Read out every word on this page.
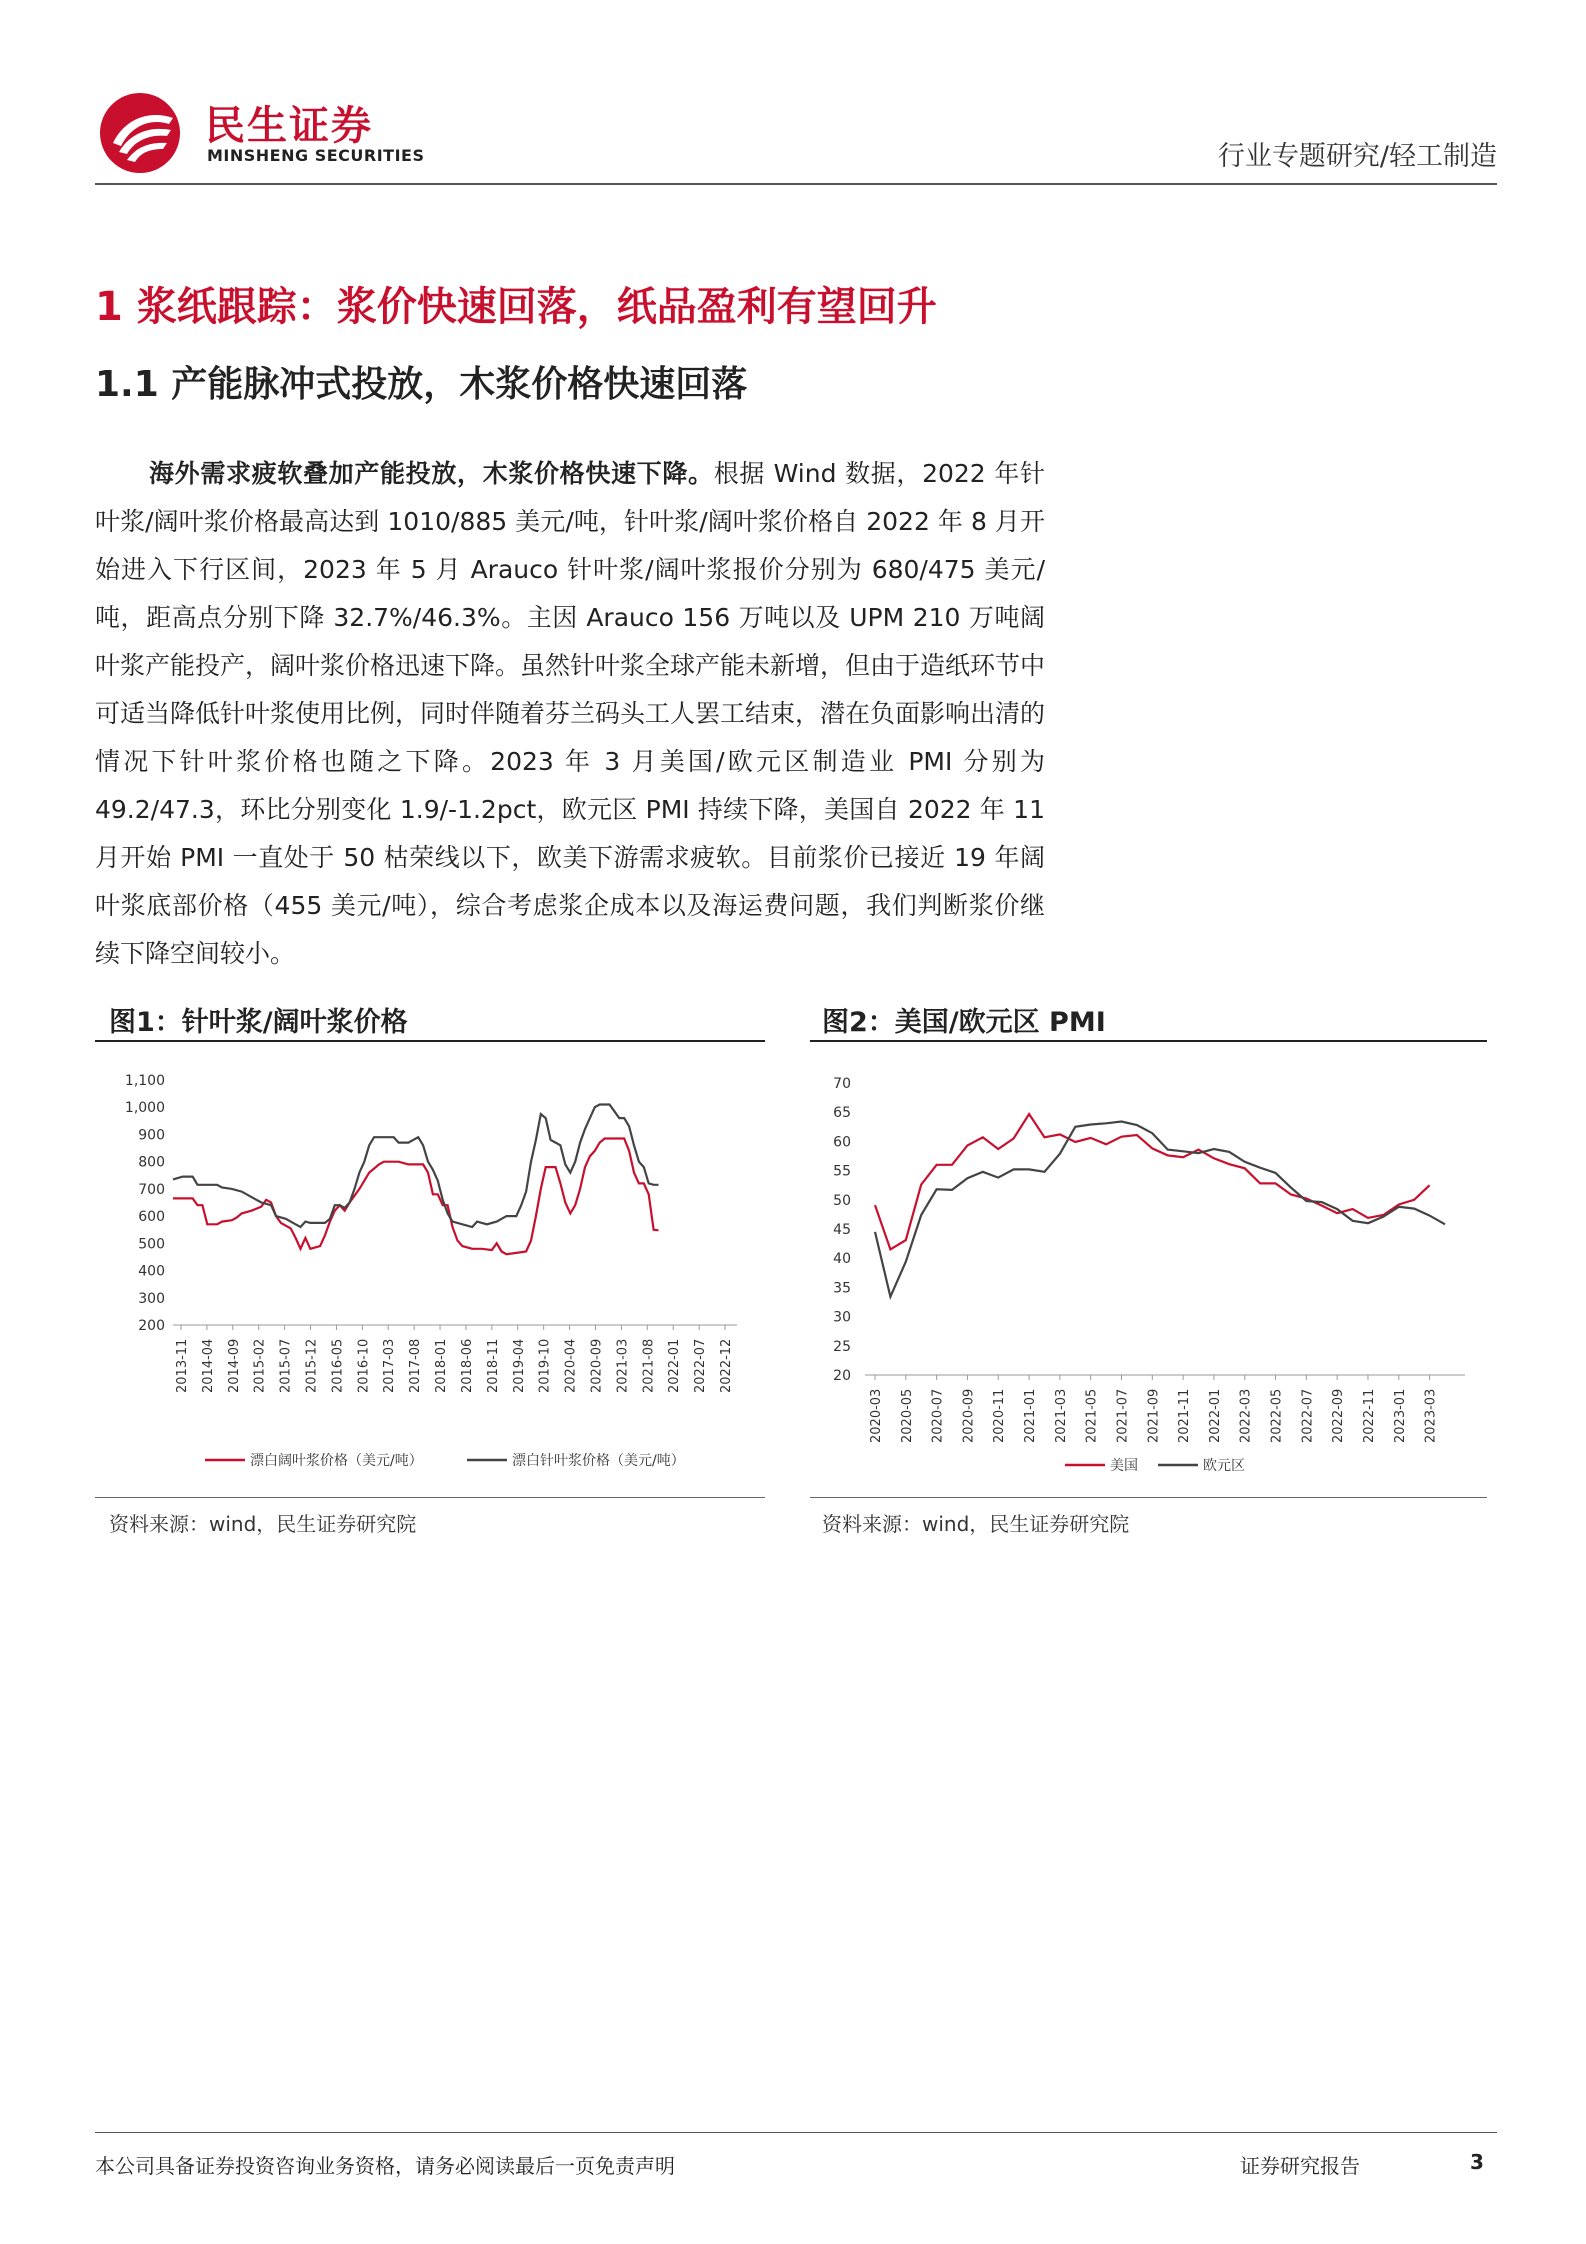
民生证券
MINSHENG SECURITIES	行业专题研究/轻工制造
1 浆纸跟踪：浆价快速回落，纸品盈利有望回升
1.1 产能脉冲式投放，木浆价格快速回落

海外需求疲软叠加产能投放，木浆价格快速下降。根据 Wind 数据，2022 年针叶浆/阔叶浆价格最高达到 1010/885 美元/吨，针叶浆/阔叶浆价格自 2022 年 8 月开始进入下行区间，2023 年 5 月 Arauco 针叶浆/阔叶浆报价分别为 680/475 美元/吨，距高点分别下降 32.7%/46.3%。主因 Arauco 156 万吨以及 UPM 210 万吨阔叶浆产能投产，阔叶浆价格迅速下降。虽然针叶浆全球产能未新增，但由于造纸环节中可适当降低针叶浆使用比例，同时伴随着芬兰码头工人罢工结束，潜在负面影响出清的情况下针叶浆价格也随之下降。2023 年 3 月美国/欧元区制造业 PMI 分别为 49.2/47.3，环比分别变化 1.9/-1.2pct，欧元区 PMI 持续下降，美国自 2022 年 11 月开始 PMI 一直处于 50 枯荣线以下，欧美下游需求疲软。目前浆价已接近 19 年阔叶浆底部价格（455 美元/吨），综合考虑浆企成本以及海运费问题，我们判断浆价继续下降空间较小。

图1：针叶浆/阔叶浆价格
200
300
400
500
600
700
800
900
1,000
1,100
2013-11 2014-04 2014-09 2015-02 2015-07 2015-12 2016-05 2016-10 2017-03 2017-08 2018-01 2018-06 2018-11 2019-04 2019-10 2020-04 2020-09 2021-03 2021-08 2022-01 2022-07 2022-12
漂白阔叶浆价格（美元/吨）	漂白针叶浆价格（美元/吨）
资料来源：wind，民生证券研究院
图2：美国/欧元区 PMI
20
25
30
35
40
45
50
55
60
65
70
2020-03 2020-05 2020-07 2020-09 2020-11 2021-01 2021-03 2021-05 2021-07 2021-09 2021-11 2022-01 2022-03 2022-05 2022-07 2022-09 2022-11 2023-01 2023-03
美国	欧元区
资料来源：wind，民生证券研究院
本公司具备证券投资咨询业务资格，请务必阅读最后一页免责声明	证券研究报告	3
